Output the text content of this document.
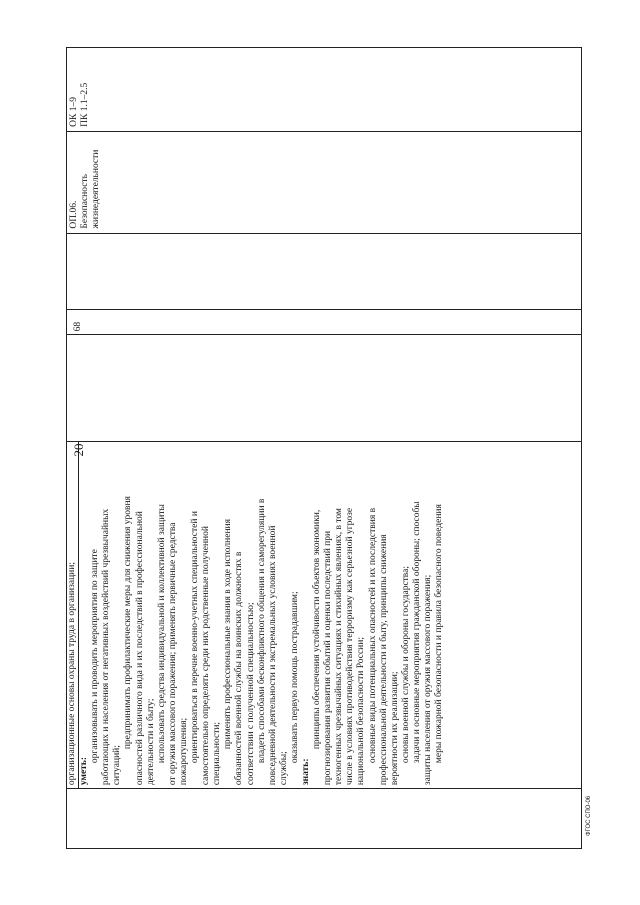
20
организационные основы охраны труда в организации; уметь:
организовывать и проводить мероприятия по защите работающих и населения от негативных воздействий чрезвычайных ситуаций;
предпринимать профилактические меры для снижения уровня опасностей различного вида и их последствий в профессиональной деятельности и быту; использовать средства индивидуальной и коллективной защиты от оружия массового поражения; применять первичные средства пожаротушения; ориентироваться в перечне военно-учетных специальностей и самостоятельно определять среди них родственные полученной специальности;
применять профессиональные знания в ходе исполнения обязанностей военной службы на воинских должностях в соответствии с полученной специальностью; владеть способами бесконфликтного общения и саморегуляции в повседневной деятельности и экстремальных условиях военной службы;
оказывать первую помощь пострадавшим;
знать:
принципы обеспечения устойчивости объектов экономики, прогнозирования развития событий и оценки последствий при техногенных чрезвычайных ситуациях и стихийных явлениях, в том числе в условиях противодействия терроризму как серьезной угрозе национальной безопасности России; основные виды потенциальных опасностей и их последствия в профессиональной деятельности и быту, принципы снижения вероятности их реализации; основы военной службы и обороны государства; задачи и основные мероприятия гражданской обороны; способы защиты населения от оружия массового поражения; меры пожарной безопасности и правила безопасного поведения
68
ОП.06. Безопасность жизнедеятельности
ОК 1–9 ПК 1.1–2.5
ФГОС СПО-06
